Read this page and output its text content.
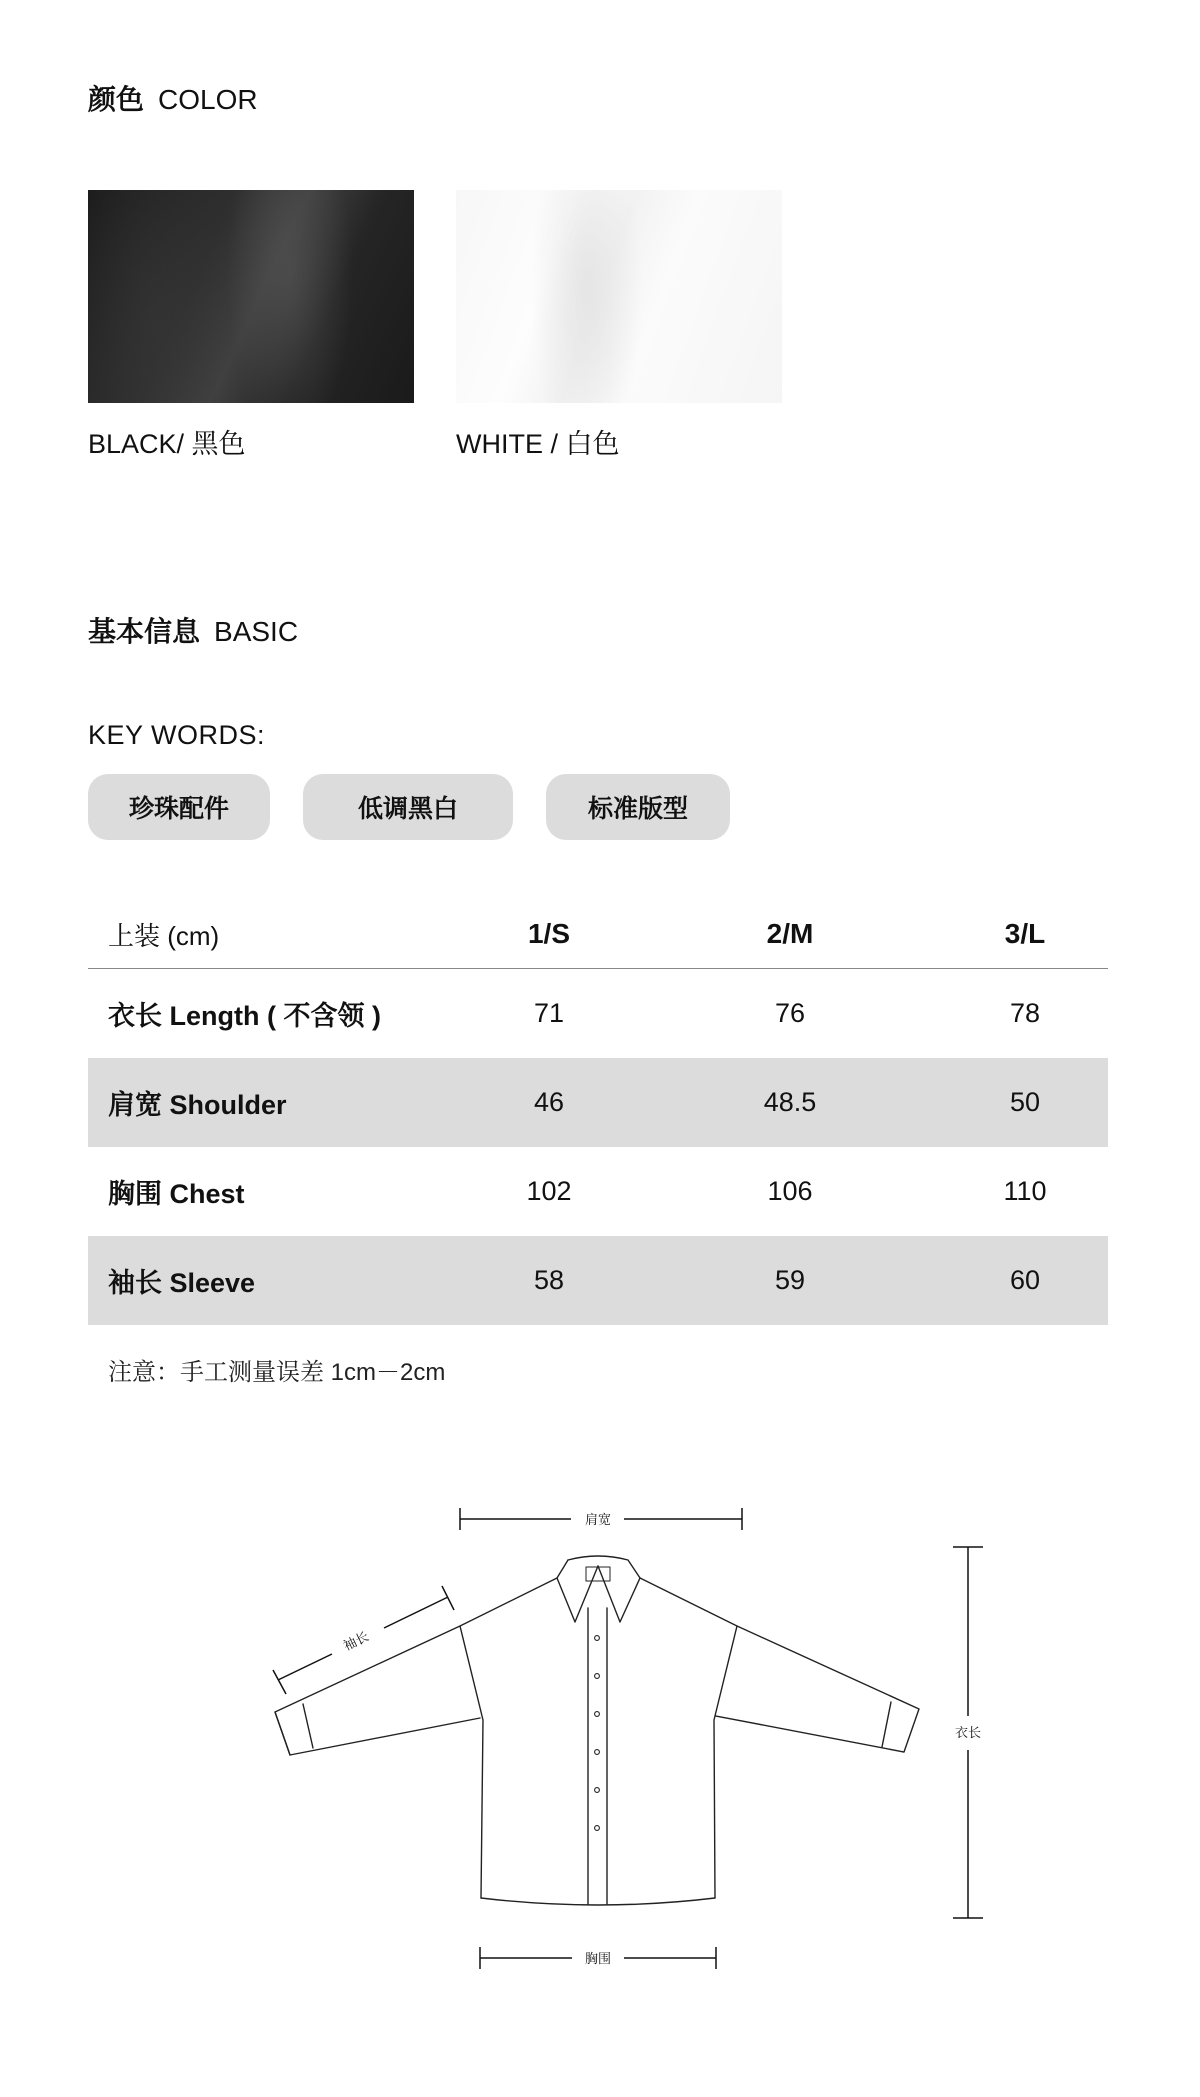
颜色 COLOR
BLACK/ 黑色	WHITE / 白色
基本信息 BASIC
KEY WORDS:
珍珠配件	低调黑白	标准版型
上装 (cm)	1/S	2/M	3/L
衣长 Length ( 不含领 )	71	76	78
肩宽 Shoulder	46	48.5	50
胸围 Chest	102	106	110
袖长 Sleeve	58	59	60
注意：手工测量误差 1cm－2cm
肩宽
袖长
衣长
胸围
